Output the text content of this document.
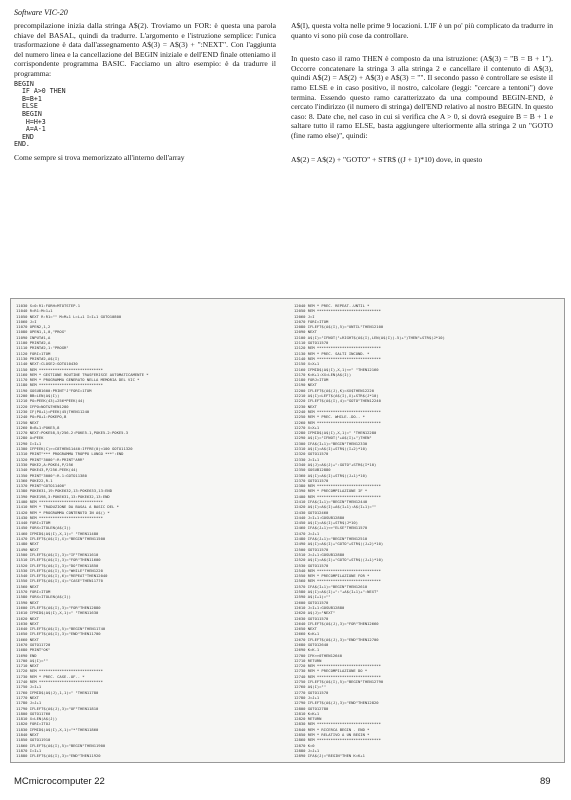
Software VIC-20

precompilazione inizia dalla stringa A$(2). Troviamo un FOR: è questa una parola chiave del BASAL, quindi da tradurre. L'argomento e l'istruzione semplice: l'unica trasformazione è data dall'assegnamento A$(3) = A$(3) + ":NEXT". Con l'aggiunta del numero linea e la cancellazione del BEGIN iniziale e dell'END finale otteniamo il corrispondente programma BASIC. Facciamo un altro esempio: è da tradurre il programma:

BEGIN
IF A>0 THEN
B=B+1
ELSE
BEGIN
H=H+3
A=A-1
END
END.

Come sempre si trova memorizzato all'interno dell'array

A$(I), questa volta nelle prime 9 locazioni. L'IF è un po' più complicato da tradurre in quanto vi sono più cose da controllare.

In questo caso il ramo THEN è composto da una istruzione: (A$(3) = "B = B + 1"). Occorre concatenare la stringa 3 alla stringa 2 e cancellare il contenuto di A$(3), quindi A$(2) = A$(2) + A$(3) e A$(3) = "". Il secondo passo è controllare se esiste il ramo ELSE e in caso positivo, il nostro, calcolare (leggi: "cercare a tentoni") dove termina. Essendo questo ramo caratterizzato da una compound BEGIN-END, è cercato l'indirizzo (il numero di stringa) dell'END relativo al nostro BEGIN. In questo caso: 8. Date che, nel caso in cui si verifica che A > 0, si dovrà eseguire B = B + 1 e saltare tutto il ramo ELSE, basta aggiungere ulteriormente alla stringa 2 un "GOTO (fine ramo else)", quindi:

A$(2) = A$(2) + "GOTO" + STR$ ((J + 1)*10) dove, in questo

11030 S=0:R1:FORH=MTOTSTEP-1
11040 R=R1:M=1+1
11050 NEXT R:R1="" M=M+1 L=L+1 I=I+1 GOTO10800
11060 J=I
11070 OPEN2,1,2
11080 OPEN1,1,0,"PROG"
11090 INPUT#1,A
11100 PRINT#2,A
11110 PRINT#2,1:"PROGR"
11120 FORI=1TOM
11130 PRINT#2,A$(I)
11140 NEXT:CLOSE2:GOTO10430
11150 REM ****************************
11160 REM * GESTIONE ROUTINE TRASFERISCE AUTOMATICAMENTE *
11170 REM * PROGRAMMA GENERATO NELLA MEMORIA DEL VIC *
11180 REM ****************************
11190 GOSUB1600:PRINT"J"FORI=1TOM
11200 BB=LEN(A$(I))
11210 PO=PEEK(43)+256*PEEK(44)
11220 IFPO=NOT&THEN1280
11230 IF(PO+1)=PEEK(45)THEN11240
11240 PO=PO+1:POKEPO,B
11250 NEXT
11260 B=B+1:POKE5,8
11270 NEXT:POKE58,5/256-2:POKE5-1,POKE5-2:POKE5-3
11280 A=PEEK
11290 I=I+1
11300 IFPEEK(C)>=C8THEN11440:IFFRE(0)<100 GOTO11320
11310 PRINT"*** PROGRAMMA TROPPO LUNGO ***":END
11320 PRINT"3000":R:PRINT"ARR"
11330 POKE2,A:POKE4,P/256
11340 POKE43,P/256-PEEK(44)
11350 PRINT"3000":R-1:GOTO11380
11360 POKE22,R-1
11370 PRINT"GOTO11400"
11380 POKE631,19:POKE632,13:POKE633,13:END
11390 POKE198,3:POKE631,13:POKE632,13:END
11400 REM ****************************
11410 REM * TRADUZIONE DA BASAL A BASIC DEL *
11420 REM * PROGRAMMA CONTENUTO IN A$() *
11430 REM ****************************
11440 FORI=ITOM
11450 FORX=ITOLEN(A$(I))
11460 IFMID$(A$(I),X,1)=" "THEN11480
11470 IFLEFT$(A$(I),X)="BEGIN"THEN11500
11480 NEXT
11490 NEXT
11500 IFLEFT$(A$(I),3)="IF"THEN11610
11510 IFLEFT$(A$(I),3)="FOR"THEN11600
11520 IFLEFT$(A$(I),3)="DO"THEN11850
11530 IFLEFT$(A$(I),5)="WHILE"THEN1220
11540 IFLEFT$(A$(I),6)="REPEAT"THEN12040
11550 IFLEFT$(A$(I),4)="CASE"THEN11770
11560 NEXT
11570 FORI=ITOM
11580 FORX=ITOLEN(A$(I))
11590 NEXT
11600 IFLEFT$(A$(I),3)="FOR"THEN12880
11610 IFMID$(A$(I),X,1)=" "THEN11630
11620 NEXT
11630 NEXT
11640 IFLEFT$(A$(I),5)="BEGIN"THEN11740
11650 IFLEFT$(A$(I),3)="END"THEN11700
11660 NEXT
11670 GOTO11720
11680 PRINT"OK"
11690 END
11700 A$(I)=""
11710 NEXT
11720 REM ****************************
11730 REM * PREC. CASE..OF.. *
11740 REM ****************************
11750 J=I+1
11760 IFMID$(A$(J),1,1)=" "THEN11780
11770 NEXT
11780 J=J+1
11790 IFLEFT$(A$(J),3)="OF"THEN11810
11800 GOTO11760
11810 X=LEN(A$(J))
11820 FORI=ITOJ
11830 IFMID$(A$(I),X,1)="*"THEN11860
11840 NEXT
11850 GOTO11910
11860 IFLEFT$(A$(I),5)="BEGIN"THEN11900
11870 I=I+1
11880 IFLEFT$(A$(I),3)="END"THEN11920
12040 REM * PREC. REPEAT..UNTIL *
12050 REM ****************************
12060 J=I
12070 FORI=ITOM
12080 IFLEFT$(A$(I),5)="UNTIL"THEN12100
12090 NEXT
12100 A$(I)="IFNOT("+RIGHT$(A$(I),LEN(A$(I))-5)+")THEN"+STR$(J*10)
12110 GOTO11570
12120 REM ****************************
12130 REM * PREC. SALTI INCOND. *
12140 REM ****************************
12150 X=X+1
12160 IFMID$(A$(I),X,1)<>" "THEN12160
12170 K=K+1:XX=LEN(A$(I))
12180 FORJ=ITOM
12190 NEXT
12200 IFLEFT$(A$(J),K)=XX$THEN12220
12210 A$(I)=LEFT$(A$(I),X)+STR$(J*10)
12220 IFLEFT$(A$(I),4)="GOTO"THEN12240
12230 NEXT
12240 REM ****************************
12250 REM * PREC. WHILE..DO.. *
12260 REM ****************************
12270 X=X+1
12280 IFMID$(A$(I),X,1)=" "THEN12280
12290 A$(I)="IFNOT("+A$(I)+")THEN"
12300 IFA$(I+1)="BEGIN"THEN12330
12310 A$(I)=A$(I)+STR$((I+2)*10)
12320 GOTO11570
12330 J=I+1
12340 A$(J)=A$(J)+":GOTO"+STR$(I*10)
12350 GOSUB12880
12360 A$(I)=A$(I)+STR$((J+1)*10)
12370 GOTO11570
12380 REM ****************************
12390 REM * PRECOMPILAZIONE IF *
12400 REM ****************************
12410 IFA$(I+1)="BEGIN"THEN12440
12420 A$(I)=A$(I)+A$(I+1):A$(I+1)=""
12430 GOTO12460
12440 J=I+1:GOSUB12880
12450 A$(I)=A$(I)+STR$(J*10)
12460 IFA$(J+1)<>"ELSE"THEN11570
12470 J=J+1
12480 IFA$(J+1)="BEGIN"THEN12510
12490 A$(I)=A$(I)+"GOTO"+STR$((J+2)*10)
12500 GOTO11570
12510 J=J+1:GOSUB12880
12520 A$(I)=A$(I)+"GOTO"+STR$((J+1)*10)
12530 GOTO11570
12540 REM ****************************
12550 REM * PRECOMPILAZIONE FOR *
12560 REM ****************************
12570 IFA$(I+1)="BEGIN"THEN12610
12580 A$(I)=A$(I)+":"+A$(I+1)+":NEXT"
12590 A$(I+1)=""
12600 GOTO11570
12610 J=I+1:GOSUB12880
12620 A$(J)="NEXT"
12630 GOTO11570
12640 IFLEFT$(A$(J),3)="FOR"THEN12660
12650 NEXT
12660 K=K+1
12670 IFLEFT$(A$(J),3)="END"THEN12700
12680 GOTO12640
12690 K=K-1
12700 IFK<>0THEN12640
12710 RETURN
12720 REM ****************************
12730 REM * PRECOMPILAZIONE DO *
12740 REM ****************************
12750 IFLEFT$(A$(I),5)="BEGIN"THEN12790
12760 A$(I)=""
12770 GOTO11570
12780 J=J+1
12790 IFLEFT$(A$(J),3)="END"THEN12820
12800 GOTO12780
12810 K=K+1
12820 RETURN
12830 REM ****************************
12840 REM * RICERCA BEGIN - END *
12850 REM * RELATIVO A UN BEGIN *
12860 REM ****************************
12870 K=0
12880 J=J+1
12890 IFA$(J)="BEGIN"THEN K=K+1
MCmicrocomputer 22	89
